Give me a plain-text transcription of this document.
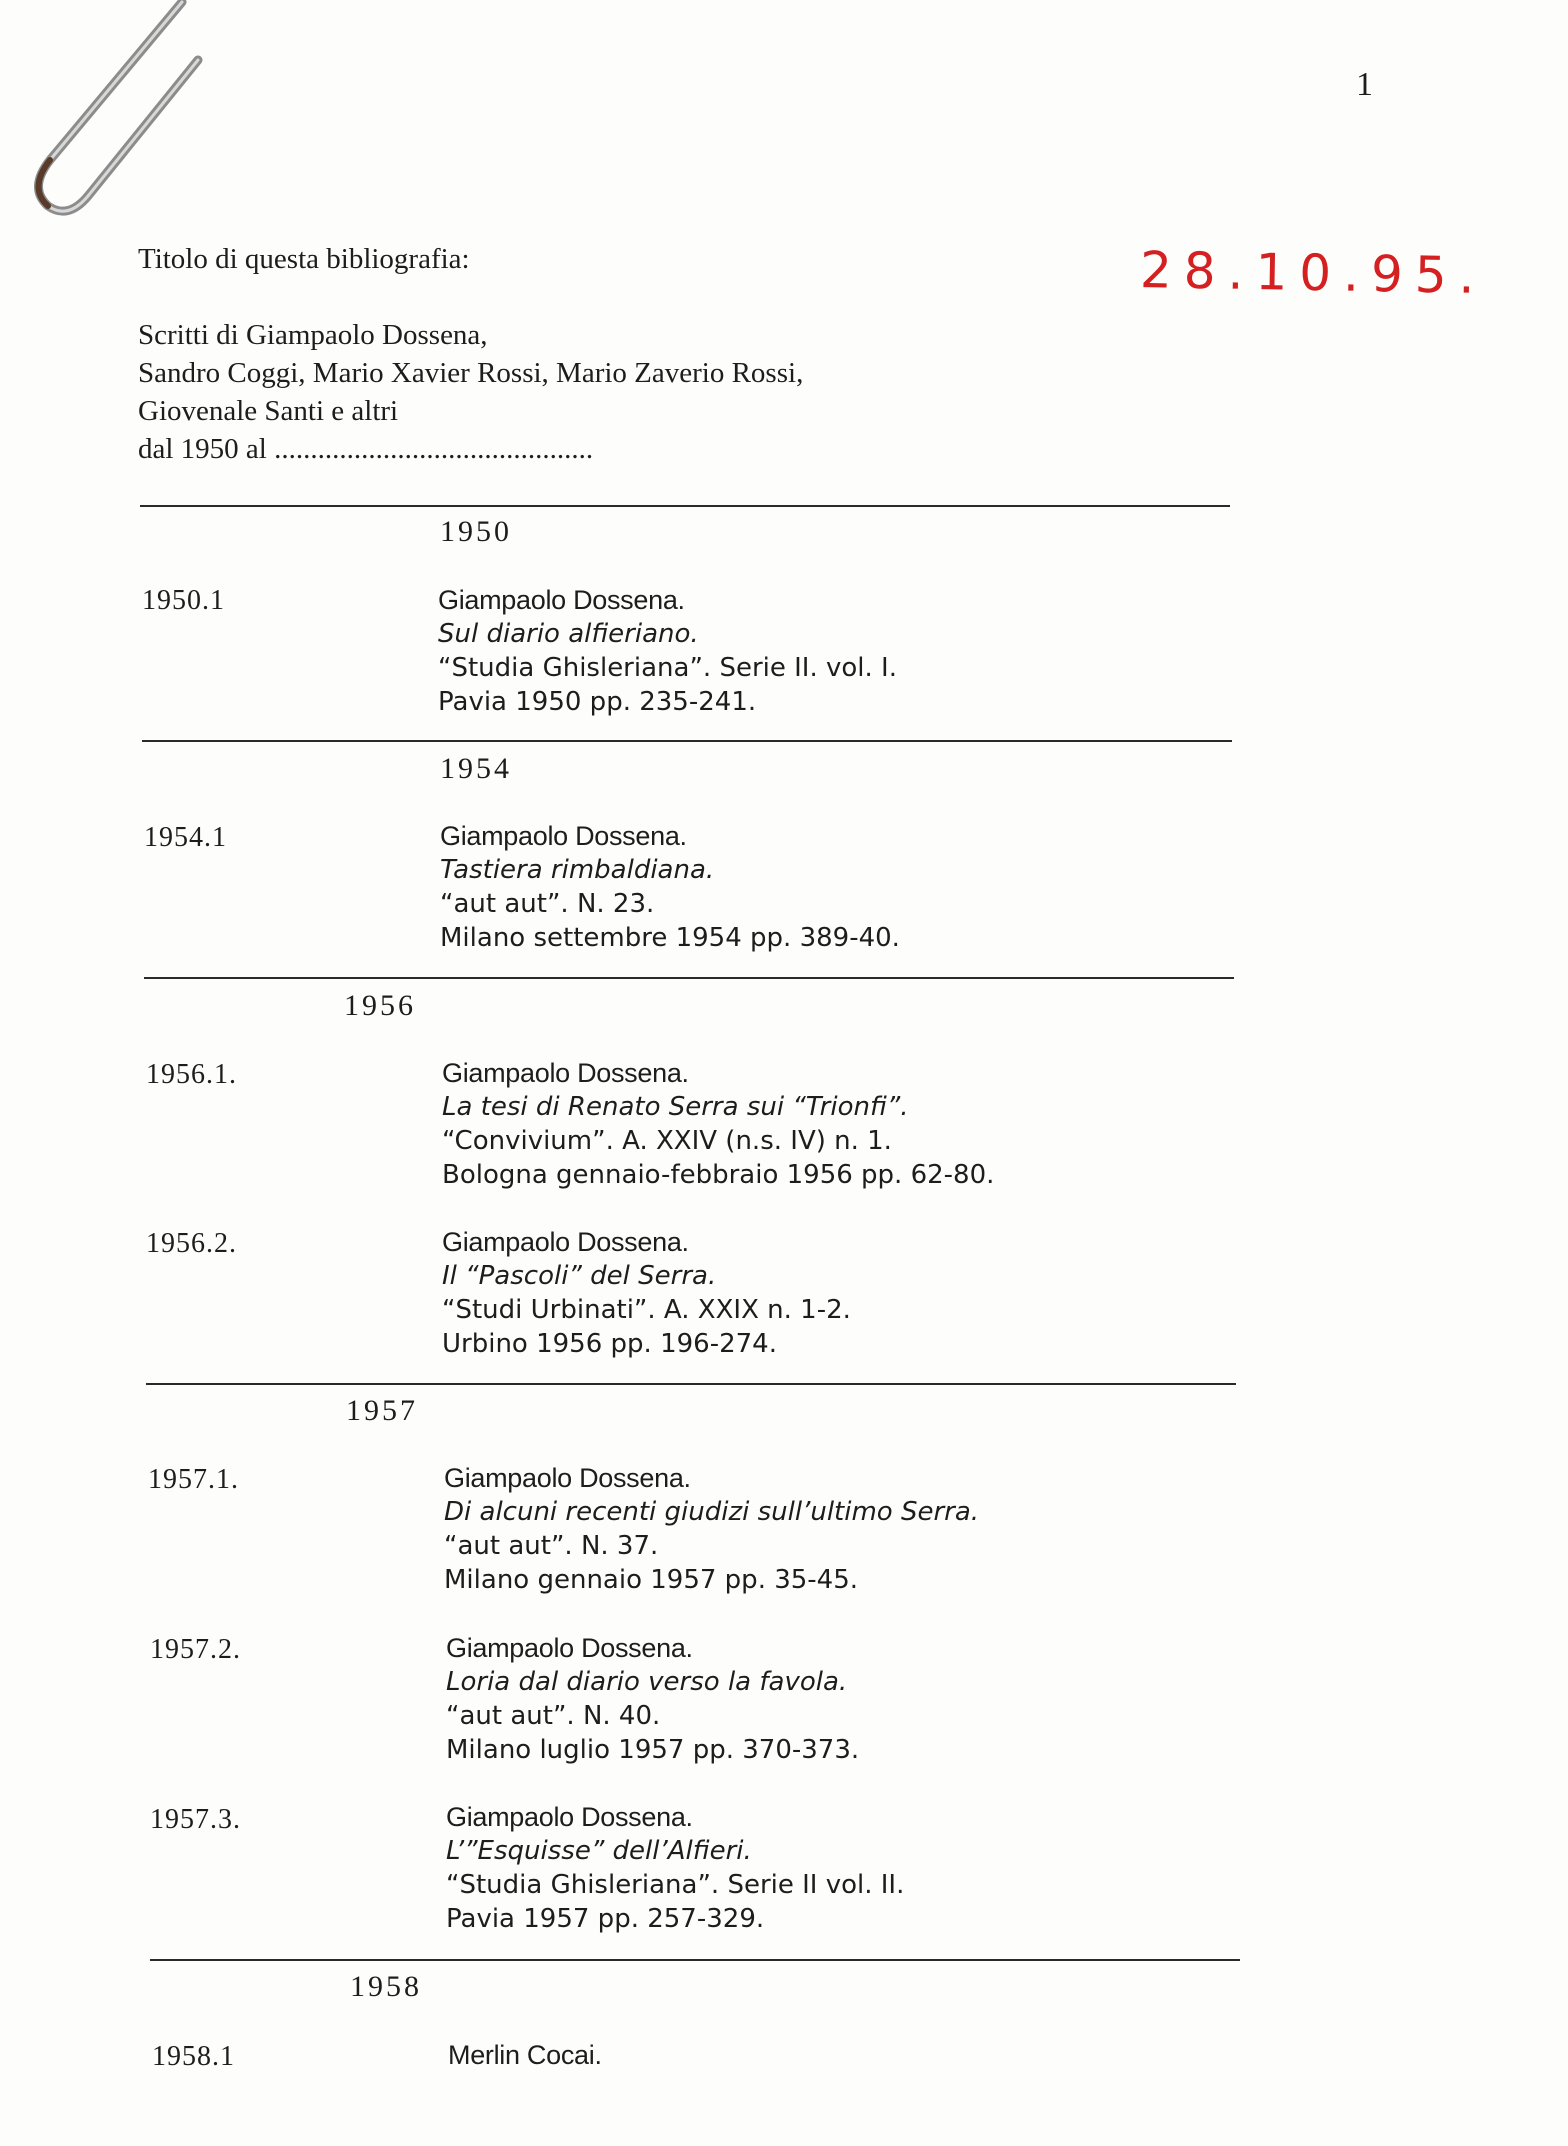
1
28.10.95.
Titolo di questa bibliografia:
Scritti di Giampaolo Dossena,
Sandro Coggi, Mario Xavier Rossi, Mario Zaverio Rossi,
Giovenale Santi e altri
dal 1950 al ............................................
1950
1950.1	Giampaolo Dossena.
Sul diario alfieriano.
“Studia Ghisleriana”. Serie II. vol. I.
Pavia 1950 pp. 235-241.
1954
1954.1	Giampaolo Dossena.
Tastiera rimbaldiana.
“aut aut”. N. 23.
Milano settembre 1954 pp. 389-40.
1956
1956.1.	Giampaolo Dossena.
La tesi di Renato Serra sui “Trionfi”.
“Convivium”. A. XXIV (n.s. IV) n. 1.
Bologna gennaio-febbraio 1956 pp. 62-80.
1956.2.	Giampaolo Dossena.
Il “Pascoli” del Serra.
“Studi Urbinati”. A. XXIX n. 1-2.
Urbino 1956 pp. 196-274.
1957
1957.1.	Giampaolo Dossena.
Di alcuni recenti giudizi sull’ultimo Serra.
“aut aut”. N. 37.
Milano gennaio 1957 pp. 35-45.
1957.2.	Giampaolo Dossena.
Loria dal diario verso la favola.
“aut aut”. N. 40.
Milano luglio 1957 pp. 370-373.
1957.3.	Giampaolo Dossena.
L’”Esquisse” dell’Alfieri.
“Studia Ghisleriana”. Serie II vol. II.
Pavia 1957 pp. 257-329.
1958
1958.1	Merlin Cocai.
